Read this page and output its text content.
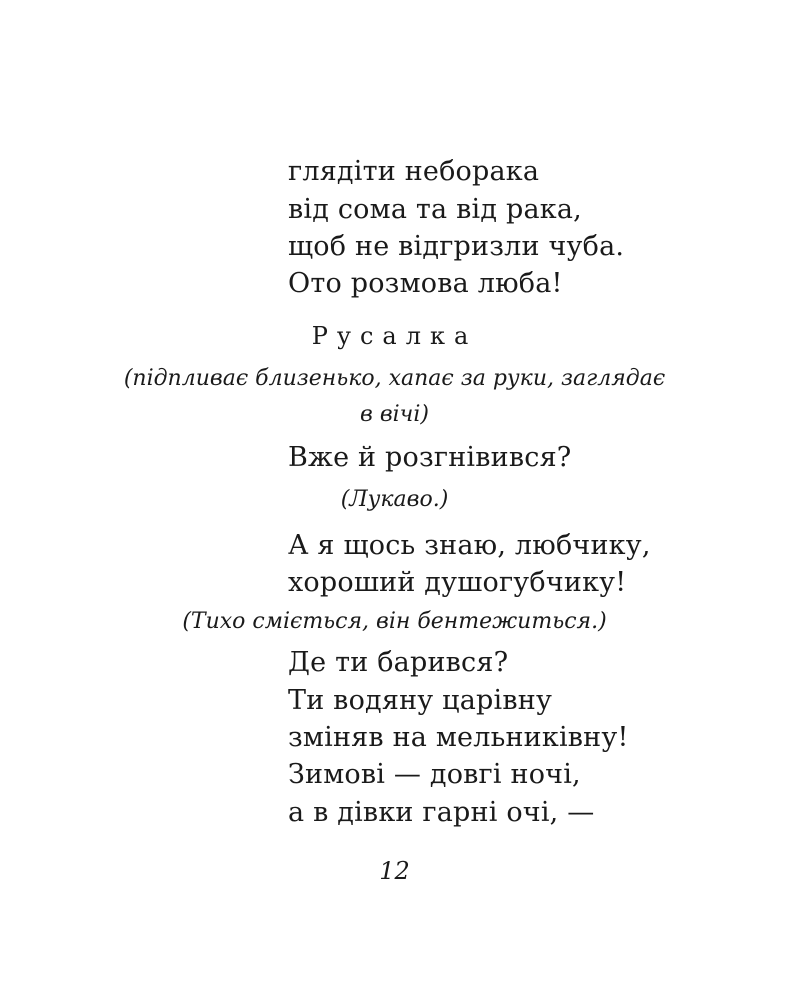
глядіти неборака
від сома та від рака,
щоб не відгризли чуба.
Ото розмова люба!
Русалка
(підпливає близенько, хапає за руки, заглядає
в вічі)
Вже й розгнівився?
(Лукаво.)
А я щось знаю, любчику,
хороший душогубчику!
(Тихо сміється, він бентежиться.)
Де ти барився?
Ти водяну царівну
зміняв на мельниківну!
Зимові — довгі ночі,
а в дівки гарні очі, —
12
